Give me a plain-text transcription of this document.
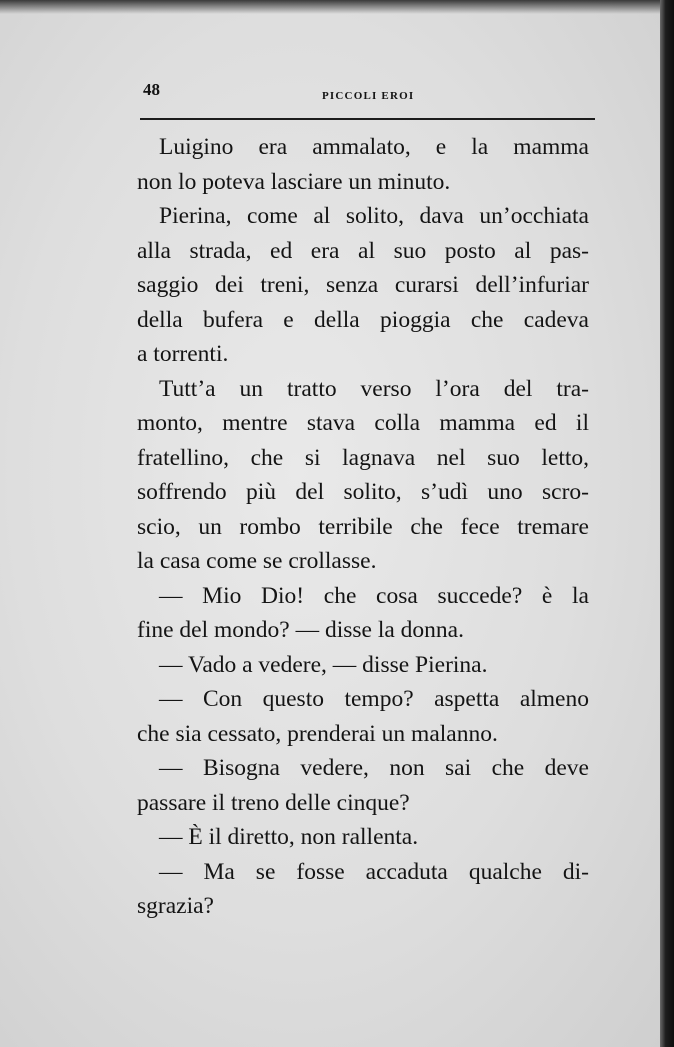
48	PICCOLI EROI
Luigino era ammalato, e la mamma
non lo poteva lasciare un minuto.
Pierina, come al solito, dava un’occhiata
alla strada, ed era al suo posto al pas-
saggio dei treni, senza curarsi dell’infuriar
della bufera e della pioggia che cadeva
a torrenti.
Tutt’a un tratto verso l’ora del tra-
monto, mentre stava colla mamma ed il
fratellino, che si lagnava nel suo letto,
soffrendo più del solito, s’udì uno scro-
scio, un rombo terribile che fece tremare
la casa come se crollasse.
— Mio Dio! che cosa succede? è la
fine del mondo? — disse la donna.
— Vado a vedere, — disse Pierina.
— Con questo tempo? aspetta almeno
che sia cessato, prenderai un malanno.
— Bisogna vedere, non sai che deve
passare il treno delle cinque?
— È il diretto, non rallenta.
— Ma se fosse accaduta qualche di-
sgrazia?
